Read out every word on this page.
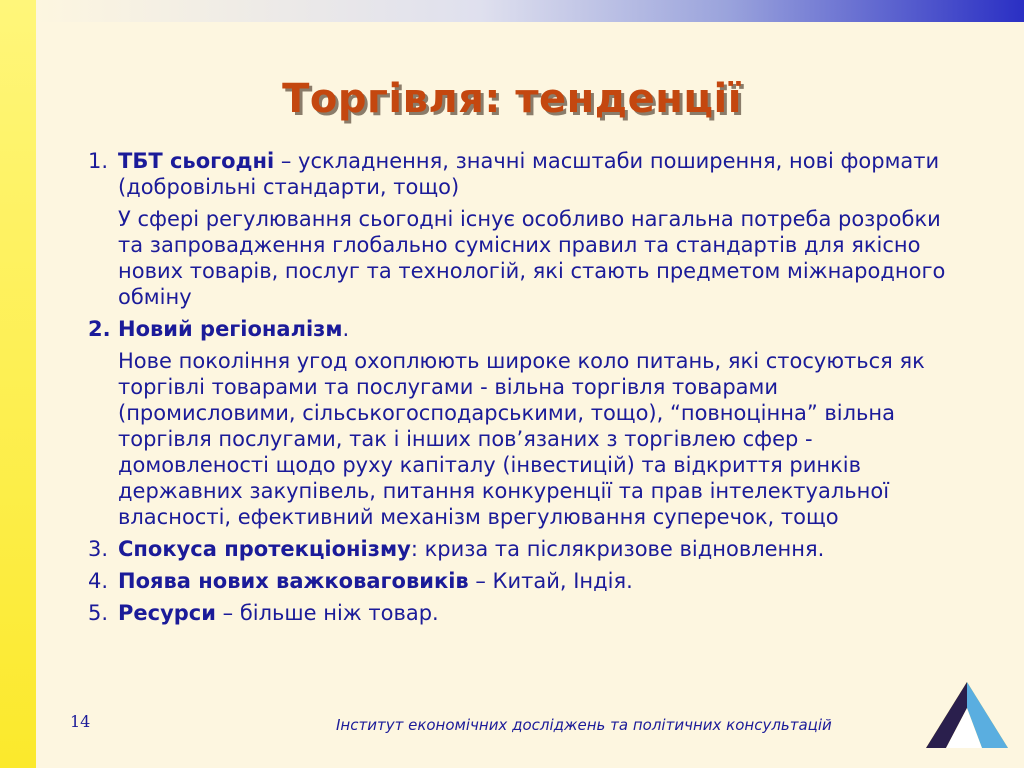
Торгівля: тенденції
1. ТБТ сьогодні – ускладнення, значні масштаби поширення, нові формати (добровільні стандарти, тощо)
У сфері регулювання сьогодні існує особливо нагальна потреба розробки та запровадження глобально сумісних правил та стандартів для якісно нових товарів, послуг та технологій, які стають предметом міжнародного обміну
2. Новий регіоналізм.
Нове покоління угод охоплюють широке коло питань, які стосуються як торгівлі товарами та послугами - вільна торгівля товарами (промисловими, сільськогосподарськими, тощо), “повноцінна” вільна торгівля послугами, так і інших пов’язаних з торгівлею сфер - домовленості щодо руху капіталу (інвестицій) та відкриття ринків державних закупівель, питання конкуренції та прав інтелектуальної власності, ефективний механізм врегулювання суперечок, тощо
3. Спокуса протекціонізму: криза та післякризове відновлення.
4. Поява нових важковаговиків – Китай, Індія.
5. Ресурси – більше ніж товар.
14	Інститут економічних досліджень та політичних консультацій
